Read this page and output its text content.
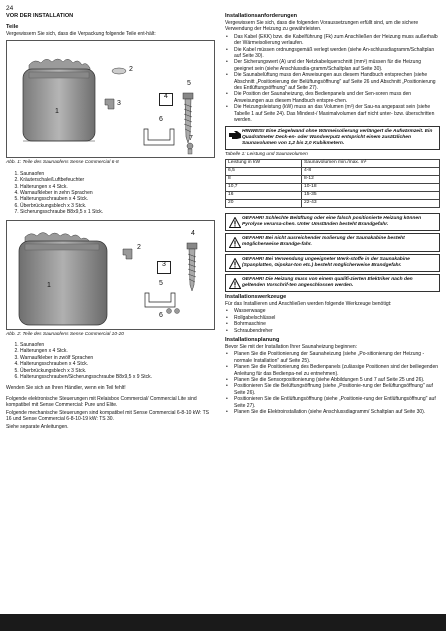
24
VOR DER INSTALLATION
Teile
Vergewissern Sie sich, dass die Verpackung folgende Teile ent-hält:
1
2
3
4
5
6
7
Abb. 1: Teile des Saunaofens Sense Commercial 6-8
1. Saunaofen
2. Kräuterschale/Luftbefeuchter
3. Halterungen x 4 Stck.
4. Warnaufkleber in zehn Sprachen
5. Halterungsschrauben x 4 Stck.
6. Überbrückungsblech x 3 Stck.
7. Sicherungsschraube B8x9,5 x 1 Stck.
1
2
3
4
5
6
Abb. 2: Teile des Saunaofens Sense Commercial 10-20
1. Saunaofen
2. Halterungen x 4 Stck.
3. Warnaufkleber in zwölf Sprachen
4. Halterungsschrauben x 4 Stck.
5. Überbrückungsblech x 3 Stck.
6. Halterungsschrauben/Sicherungsschraube B8x9,5 x 9 Stck.
Wenden Sie sich an Ihren Händler, wenn ein Teil fehlt!
Folgende elektronische Steuerungen mit Relaisbox Commercial/ Commercial Lite sind kompatibel mit Sense Commercial: Pure und Elite.
Folgende mechanische Steuerungen sind kompatibel mit Sense Commercial 6-8-10 kW: TS 16 und Sense Commercial 6-8-10-19 kW: TS 30.
Siehe separate Anleitungen.
Installationsanforderungen
Vergewissern Sie sich, dass die folgenden Voraussetzungen erfüllt sind, um die sichere Verwendung der Heizung zu gewährleisten.
• Das Kabel (EKK) bzw. die Kabelführung (Fk) zum Anschließen der Heizung muss außerhalb der Wärmeisolierung verlaufen.
• Die Kabel müssen ordnungsgemäß verlegt werden (siehe An-schlussdiagramm/Schaltplan auf Seite 30).
• Der Sicherungswert (A) und der Netzkabelquerschnitt (mm²) müssen für die Heizung geeignet sein (siehe Anschlussdia-gramm/Schaltplan auf Seite 30).
• Die Saunabelüftung muss den Anweisungen aus diesem Handbuch entsprechen (siehe Abschnitt „Positionierung der Belüftungsöffnung" auf Seite 26 und Abschnitt „Positionierung des Entlüftungsöffnung" auf Seite 27).
• Die Position der Saunaheizung, des Bedienpanels und der Sen-soren muss den Anweisungen aus diesem Handbuch entspre-chen.
• Die Heizungsleistung (kW) muss an das Volumen (m³) der Sau-na angepasst sein (siehe Tabelle 1 auf Seite 24). Das Mindest-/ Maximalvolumen darf nicht unter- bzw. überschritten werden.
HINWEIS! Eine Ziegelwand ohne Wärmeisolierung verlängert die Aufwärmzeit. Ein Quadratmeter Deck-en- oder Wandverputz entspricht einem zusätzlichen Saunavolumen von 1,2 bis 2,0 Kubikmetern.
Tabelle 1: Leistung und Saunavolumen
Leistung in kW	Saunavolumen min./max. m³
6,5	4-8
8	8-12
10,7	10-18
16	15-35
20	22-43
GEFAHR! Schlechte Belüftung oder eine falsch positionierte Heizung können Pyrolyse verursa-chen. Unter Umständen besteht Brandgefahr.
GEFAHR! Bei nicht ausreichender Isolierung der Saunakabine besteht möglicherweise Brandge-fahr.
GEFAHR! Bei Verwendung ungeeigneter Werk-stoffe in der Saunakabine (Spanplatten, Gipskar-ton etc.) besteht möglicherweise Brandgefahr.
GEFAHR! Die Heizung muss von einem qualifi-zierten Elektriker nach den geltenden Vorschrif-ten angeschlossen werden.
Installationswerkzeuge
Für das Installieren und Anschließen werden folgende Werkzeuge benötigt:
• Wasserwaage
• Rollgabelschlüssel
• Bohrmaschine
• Schraubendreher
Installationsplanung
Bevor Sie mit der Installation Ihrer Saunaheizung beginnen:
• Planen Sie die Positionierung der Saunaheizung (siehe „Po-sitionierung der Heizung - normale Installation" auf Seite 25).
• Planen Sie die Positionierung des Bedienpanels (zulässige Positionen sind der beiliegenden Anleitung für das Bedienpa-nel zu entnehmen).
• Planen Sie die Sensorpositionierung (siehe Abbildungen 5 und 7 auf Seite 25 und 26).
• Positionieren Sie die Belüftungsöffnung (siehe „Positionie-rung der Belüftungsöffnung" auf Seite 26).
• Positionieren Sie die Entlüftungsöffnung (siehe „Positionie-rung der Entlüftungsöffnung" auf Seite 27).
• Planen Sie die Elektroinstallation (siehe Anschlussdiagramm/ Schaltplan auf Seite 30).
